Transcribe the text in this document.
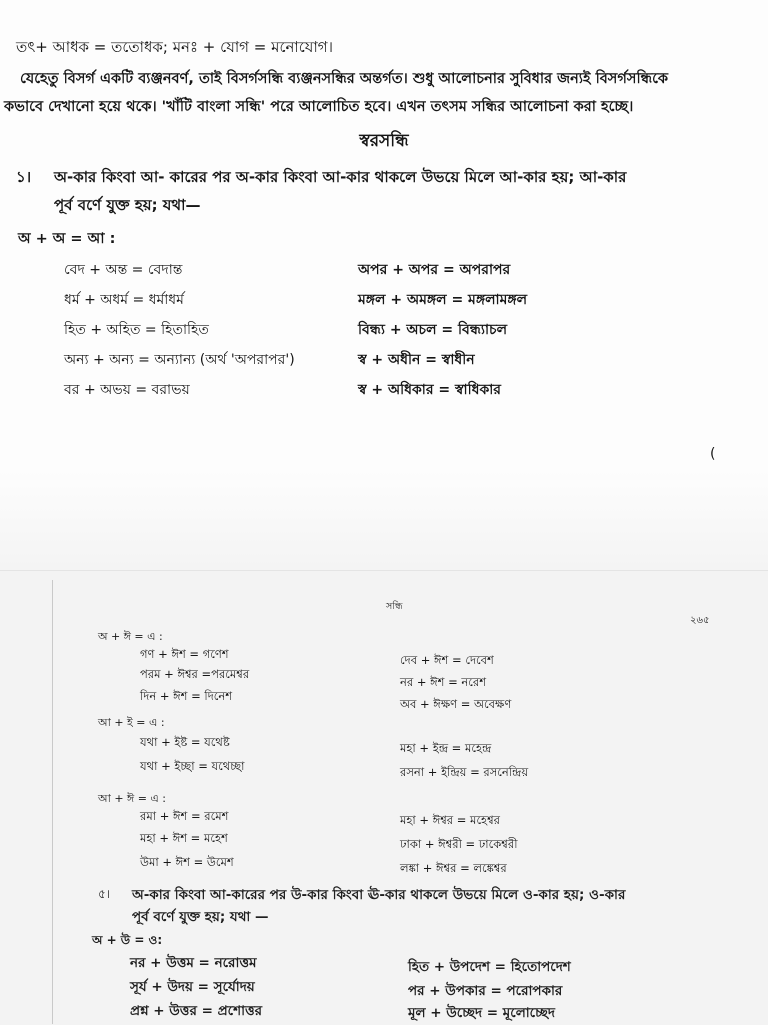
তৎ+ আধক = ততোধক; মনঃ + যোগ = মনোযোগ।
যেহেতু বিসর্গ একটি ব্যঞ্জনবর্ণ, তাই বিসর্গসন্ধি ব্যঞ্জনসন্ধির অন্তর্গত। শুধু আলোচনার সুবিধার জন্যই বিসর্গসন্ধিকে
কভাবে দেখানো হয়ে থকে। 'খাঁটি বাংলা সন্ধি' পরে আলোচিত হবে। এখন তৎসম সন্ধির আলোচনা করা হচ্ছে।
স্বরসন্ধি
১। অ-কার কিংবা আ- কারের পর অ-কার কিংবা আ-কার থাকলে উভয়ে মিলে আ-কার হয়; আ-কার
পূর্ব বর্ণে যুক্ত হয়; যথা—
অ + অ = আ :
বেদ + অন্ত = বেদান্ত
ধর্ম + অধর্ম = ধর্মাধর্ম
হিত + অহিত = হিতাহিত
অন্য + অন্য = অন্যান্য (অর্থ 'অপরাপর')
বর + অভয় = বরাভয়
অপর + অপর = অপরাপর
মঙ্গল + অমঙ্গল = মঙ্গলামঙ্গল
বিন্ধ্য + অচল = বিন্ধ্যাচল
স্ব + অধীন = স্বাধীন
স্ব + অধিকার = স্বাধিকার
(
সন্ধি
২৬৫
অ + ঈ = এ :
গণ + ঈশ = গণেশ
পরম + ঈশ্বর =পরমেশ্বর
দিন + ঈশ = দিনেশ
দেব + ঈশ = দেবেশ
নর + ঈশ = নরেশ
অব + ঈক্ষণ = অবেক্ষণ
আ + ই = এ :
যথা + ইষ্ট = যথেষ্ট
যথা + ইচ্ছা = যথেচ্ছা
মহা + ইন্দ্র = মহেন্দ্র
রসনা + ইন্দ্রিয় = রসনেন্দ্রিয়
আ + ঈ = এ :
রমা + ঈশ = রমেশ
মহা + ঈশ = মহেশ
উমা + ঈশ = উমেশ
মহা + ঈশ্বর = মহেশ্বর
ঢাকা + ঈশ্বরী = ঢাকেশ্বরী
লঙ্কা + ঈশ্বর = লঙ্কেশ্বর
৫। অ-কার কিংবা আ-কারের পর উ-কার কিংবা ঊ-কার থাকলে উভয়ে মিলে ও-কার হয়; ও-কার
পূর্ব বর্ণে যুক্ত হয়; যথা —
অ + উ = ও:
নর + উত্তম = নরোত্তম
সূর্য + উদয় = সূর্যোদয়
প্রশ্ন + উত্তর = প্রশোত্তর
হিত + উপদেশ = হিতোপদেশ
পর + উপকার = পরোপকার
মূল + উচ্ছেদ = মূলোচ্ছেদ
